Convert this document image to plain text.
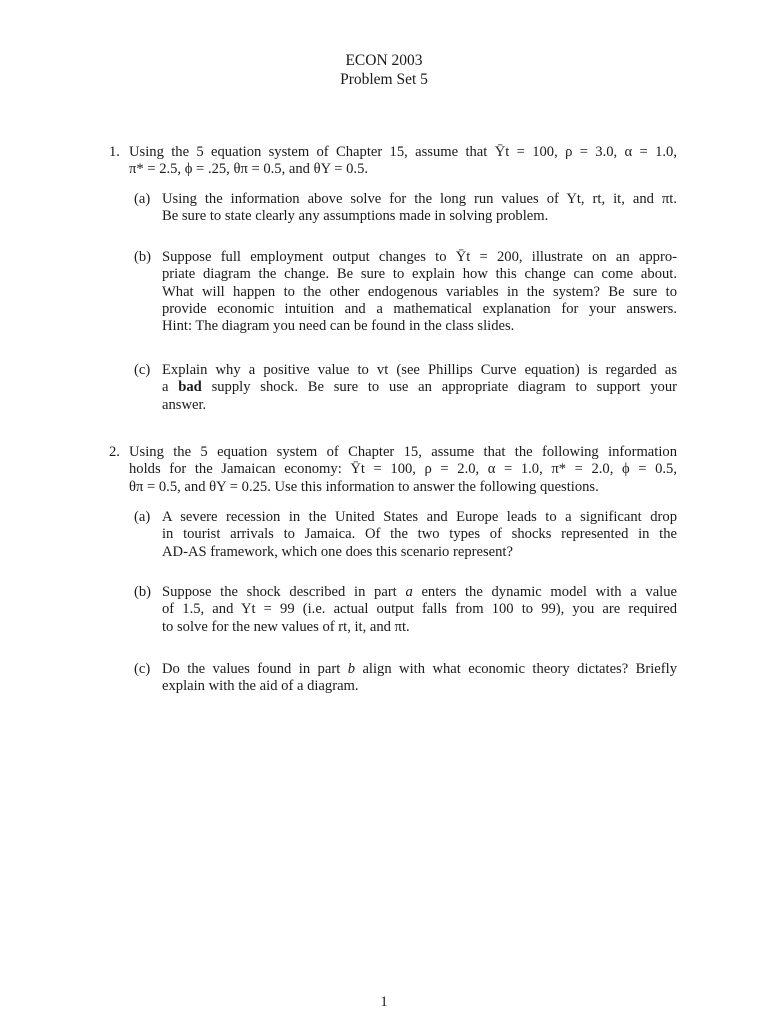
ECON 2003
Problem Set 5
1. Using the 5 equation system of Chapter 15, assume that Ȳt = 100, ρ = 3.0, α = 1.0,
π* = 2.5, ϕ = .25, θπ = 0.5, and θY = 0.5.
(a) Using the information above solve for the long run values of Yt, rt, it, and πt.
Be sure to state clearly any assumptions made in solving problem.
(b) Suppose full employment output changes to Ȳt = 200, illustrate on an appro-
priate diagram the change. Be sure to explain how this change can come about.
What will happen to the other endogenous variables in the system? Be sure to
provide economic intuition and a mathematical explanation for your answers.
Hint: The diagram you need can be found in the class slides.
(c) Explain why a positive value to vt (see Phillips Curve equation) is regarded as
a bad supply shock. Be sure to use an appropriate diagram to support your
answer.
2. Using the 5 equation system of Chapter 15, assume that the following information
holds for the Jamaican economy: Ȳt = 100, ρ = 2.0, α = 1.0, π* = 2.0, ϕ = 0.5,
θπ = 0.5, and θY = 0.25. Use this information to answer the following questions.
(a) A severe recession in the United States and Europe leads to a significant drop
in tourist arrivals to Jamaica. Of the two types of shocks represented in the
AD-AS framework, which one does this scenario represent?
(b) Suppose the shock described in part a enters the dynamic model with a value
of 1.5, and Yt = 99 (i.e. actual output falls from 100 to 99), you are required
to solve for the new values of rt, it, and πt.
(c) Do the values found in part b align with what economic theory dictates? Briefly
explain with the aid of a diagram.
1
